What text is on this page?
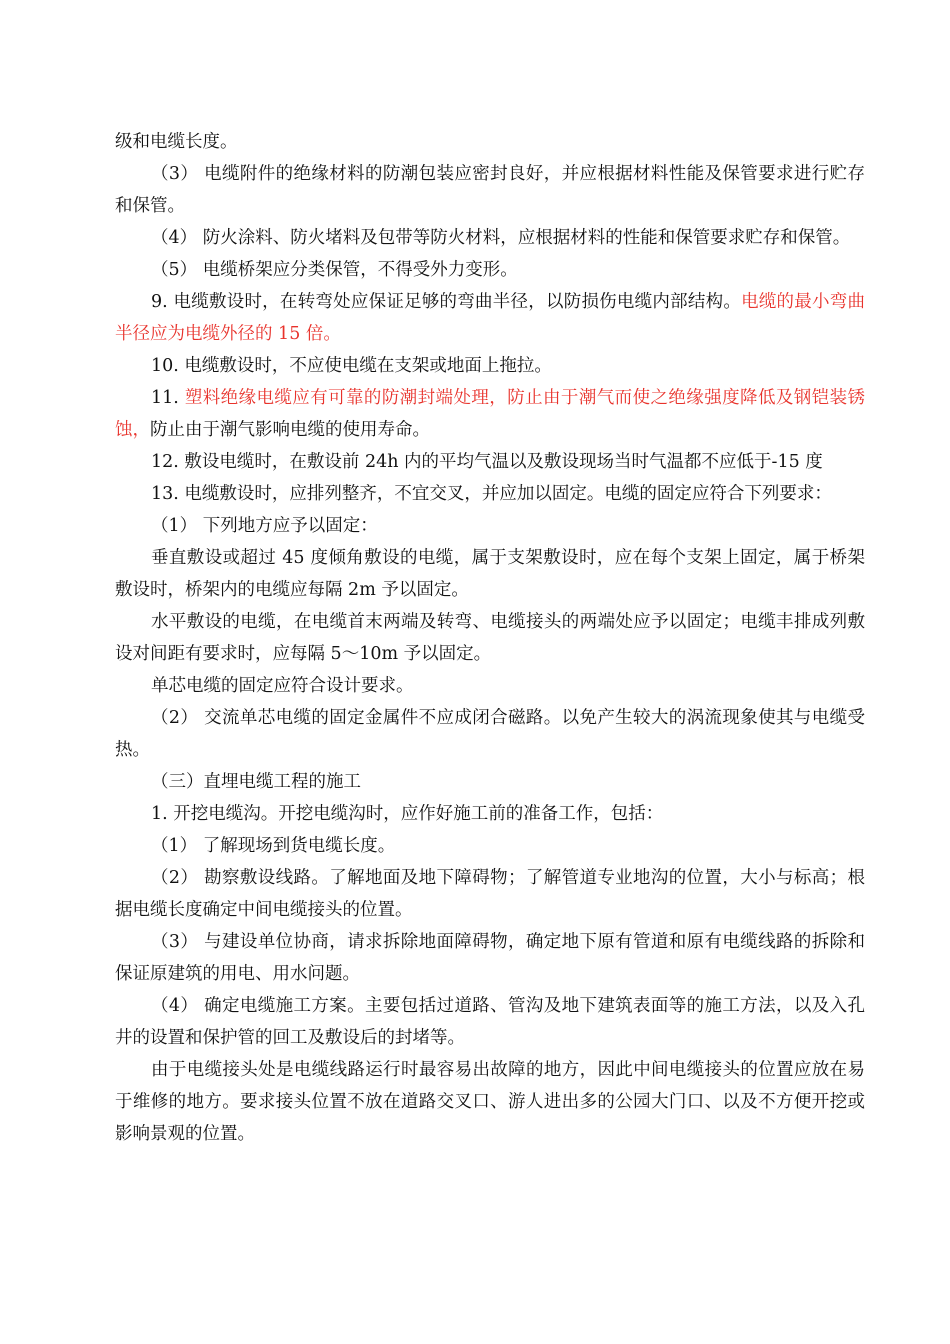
级和电缆长度。

（3） 电缆附件的绝缘材料的防潮包装应密封良好，并应根据材料性能及保管要求进行贮存和保管。

（4） 防火涂料、防火堵料及包带等防火材料，应根据材料的性能和保管要求贮存和保管。

（5） 电缆桥架应分类保管，不得受外力变形。

9. 电缆敷设时，在转弯处应保证足够的弯曲半径，以防损伤电缆内部结构。电缆的最小弯曲半径应为电缆外径的 15 倍。

10. 电缆敷设时，不应使电缆在支架或地面上拖拉。

11. 塑料绝缘电缆应有可靠的防潮封端处理，防止由于潮气而使之绝缘强度降低及钢铠装锈蚀，防止由于潮气影响电缆的使用寿命。

12. 敷设电缆时，在敷设前 24h 内的平均气温以及敷设现场当时气温都不应低于-15 度

13. 电缆敷设时，应排列整齐，不宜交叉，并应加以固定。电缆的固定应符合下列要求：

（1） 下列地方应予以固定：

垂直敷设或超过 45 度倾角敷设的电缆，属于支架敷设时，应在每个支架上固定，属于桥架敷设时，桥架内的电缆应每隔 2m 予以固定。

水平敷设的电缆，在电缆首末两端及转弯、电缆接头的两端处应予以固定；电缆丰排成列敷设对间距有要求时，应每隔 5～10m 予以固定。

单芯电缆的固定应符合设计要求。

（2） 交流单芯电缆的固定金属件不应成闭合磁路。以免产生较大的涡流现象使其与电缆受热。

（三）直埋电缆工程的施工

1. 开挖电缆沟。开挖电缆沟时，应作好施工前的准备工作，包括：

（1） 了解现场到货电缆长度。

（2） 勘察敷设线路。了解地面及地下障碍物；了解管道专业地沟的位置，大小与标高；根据电缆长度确定中间电缆接头的位置。

（3） 与建设单位协商，请求拆除地面障碍物，确定地下原有管道和原有电缆线路的拆除和保证原建筑的用电、用水问题。

（4） 确定电缆施工方案。主要包括过道路、管沟及地下建筑表面等的施工方法，以及入孔井的设置和保护管的回工及敷设后的封堵等。

由于电缆接头处是电缆线路运行时最容易出故障的地方，因此中间电缆接头的位置应放在易于维修的地方。要求接头位置不放在道路交叉口、游人进出多的公园大门口、以及不方便开挖或影响景观的位置。
